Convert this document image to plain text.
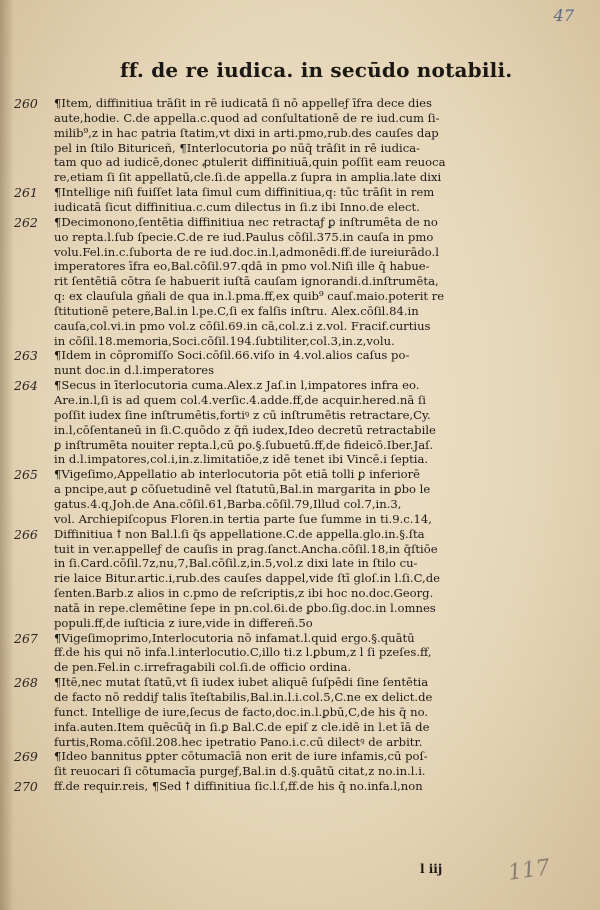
47
ff. de re iudica. in secūdo notabili.
260	¶Item, diffinitiua trāſit in rē iudicatā ſi nō appelleƒ īfra dece dies
aute,hodie. C.de appella.c.quod ad conſultationē de re iud.cum ſi-
milib⁹,z in hac patria ſtatim,vt dixi in arti.pmo,rub.des cauſes dap
pel in ſtilo Bituriceñ, ¶Interlocutoria ꝑo nūq̄ trāſit in rē iudica-
tam quo ad iudicē,donec ꝓtulerit diffinitiuā,quin poſſit eam reuoca
re,etiam ſi ſit appellatū,cle.ſi.de appella.z ſupra in amplia.late dixi
261	¶Intellige niſi fuiſſet lata ſimul cum diffinitiua,q: tūc trāſit in rem
iudicatā ſicut diffinitiua.c.cum dilectus in ſi.z ibi Inno.de elect.
262	¶Decimonono,ſentētia diffinitiua nec retractaƒ ꝑ inſtrumēta de no
uo repta.l.ſub ſpecie.C.de re iud.Paulus cōſil.375.in cauſa in pmo
volu.Fel.in.c.ſuborta de re iud.doc.in.l,admonēdi.ff.de iureiurādo.l
imperatores īfra eo,Bal.cōſil.97.qdā in pmo vol.Niſi ille q̄ habue-
rit ſentētiā cōtra ſe habuerit iuſtā cauſam ignorandi.d.inſtrumēta,
q: ex clauſula gñali de qua in.l.pma.ff,ex quib⁹ cauſ.maio.poterit re
ſtitutionē petere,Bal.in l.pe.C,ſi ex falſis inſtru. Alex.cōſil.84.in
cauſa,col.vi.in pmo vol.z cōſil.69.in cā,col.z.i z.vol. Fracif.curtius
in cōſil.18.memoria,Soci.cōſil.194.ſubtiliter,col.3,in.z,volu.
263	¶Idem in cōpromiſſo Soci.cōſil.66.viſo in 4.vol.alios caſus po-
nunt doc.in d.l.imperatores
264	¶Secus in īterlocutoria cuma.Alex.z Jaſ.in l,impatores infra eo.
Are.in.l,ſi is ad quem col.4.verſic.4.adde.ff,de acquir.hered.nā ſi
poſſit iudex ſine inſtrumētis,fortiꝰ z cū inſtrumētis retractare,Cy.
in.l,cōſentaneū in ſi.C.quōdo z q̄ñ iudex,Ideo decretū retractabile
ꝑ inſtrumēta nouiter repta.l,cū ꝑo.§.ſubuetū.ff,de fideicō.Iber.Jaſ.
in d.l.impatores,col.i,in.z.limitatiōe,z idē tenet ibi Vincē.i ſeptia.
265	¶Vigeſimo,Appellatio ab interlocutoria pōt etiā tolli ꝑ inferiorē
a pncipe,aut ꝑ cōſuetudinē vel ſtatutū,Bal.in margarita in ꝑbo le
gatus.4.q,Joh.de Ana.cōſil.61,Barba.cōſil.79,Illud col.7,in.3,
vol. Archiepiſcopus Floren.in tertia parte ſue ſumme in ti.9.c.14,
266	Diffinitiua ꝉ non Bal.l.ſi q̄s appellatione.C.de appella.glo.in.§.ſta
tuit in ver.appelleƒ de cauſis in prag.ſanct.Ancha.cōſil.18,in q̄ſtiōe
in ſi.Card.cōſil.7z,nu,7,Bal.cōſil.z,in.5,vol.z dixi late in ſtilo cu-
rie laice Bitur.artic.i,rub.des cauſes dappel,vide ſtī gloſ.in l.ſi.C,de
ſenten.Barb.z alios in c.pmo de reſcriptis,z ibi hoc no.doc.Georg.
natā in repe.clemētine ſepe in pn.col.6i.de ꝑbo.ſig.doc.in l.omnes
populi.ff,de iuſticia z iure,vide in differeñ.5o
267	¶Vigeſimoprimo,Interlocutoria nō infamat.l.quid ergo.§.quātū
ff.de his qui nō infa.l.interlocutio.C,illo ti.z l.ꝑbum,z l ſi pzeſes.ff,
de pen.Fel.in c.irrefragabili col.ſi.de officio ordina.
268	¶Itē,nec mutat ſtatū,vt ſi iudex iubet aliquē ſuſpēdi ſine ſentētia
de facto nō reddiƒ talis īteſtabilis,Bal.in.l.i.col.5,C.ne ex delict.de
funct. Intellige de iure,ſecus de facto,doc.in.l.ꝑbū,C,de his q̄ no.
infa.auten.Item quēcūq̄ in ſi.ꝑ Bal.C.de epiſ z cle.idē in l.et īā de
furtis,Roma.cōſil.208.hec ipetratio Pano.i.c.cū dilectꝰ de arbitr.
269	¶Ideo bannitus ꝑpter cōtumacīā non erit de iure infamis,cū poſ-
ſit reuocari ſi cōtumacīa purgeƒ,Bal.in d.§.quātū citat,z no.in.l.i.
270	ff.de requir.reis, ¶Sed ꝉ diffinitiua ſic.l.ſ,ff.de his q̄ no.infa.l,non
l iij	117
